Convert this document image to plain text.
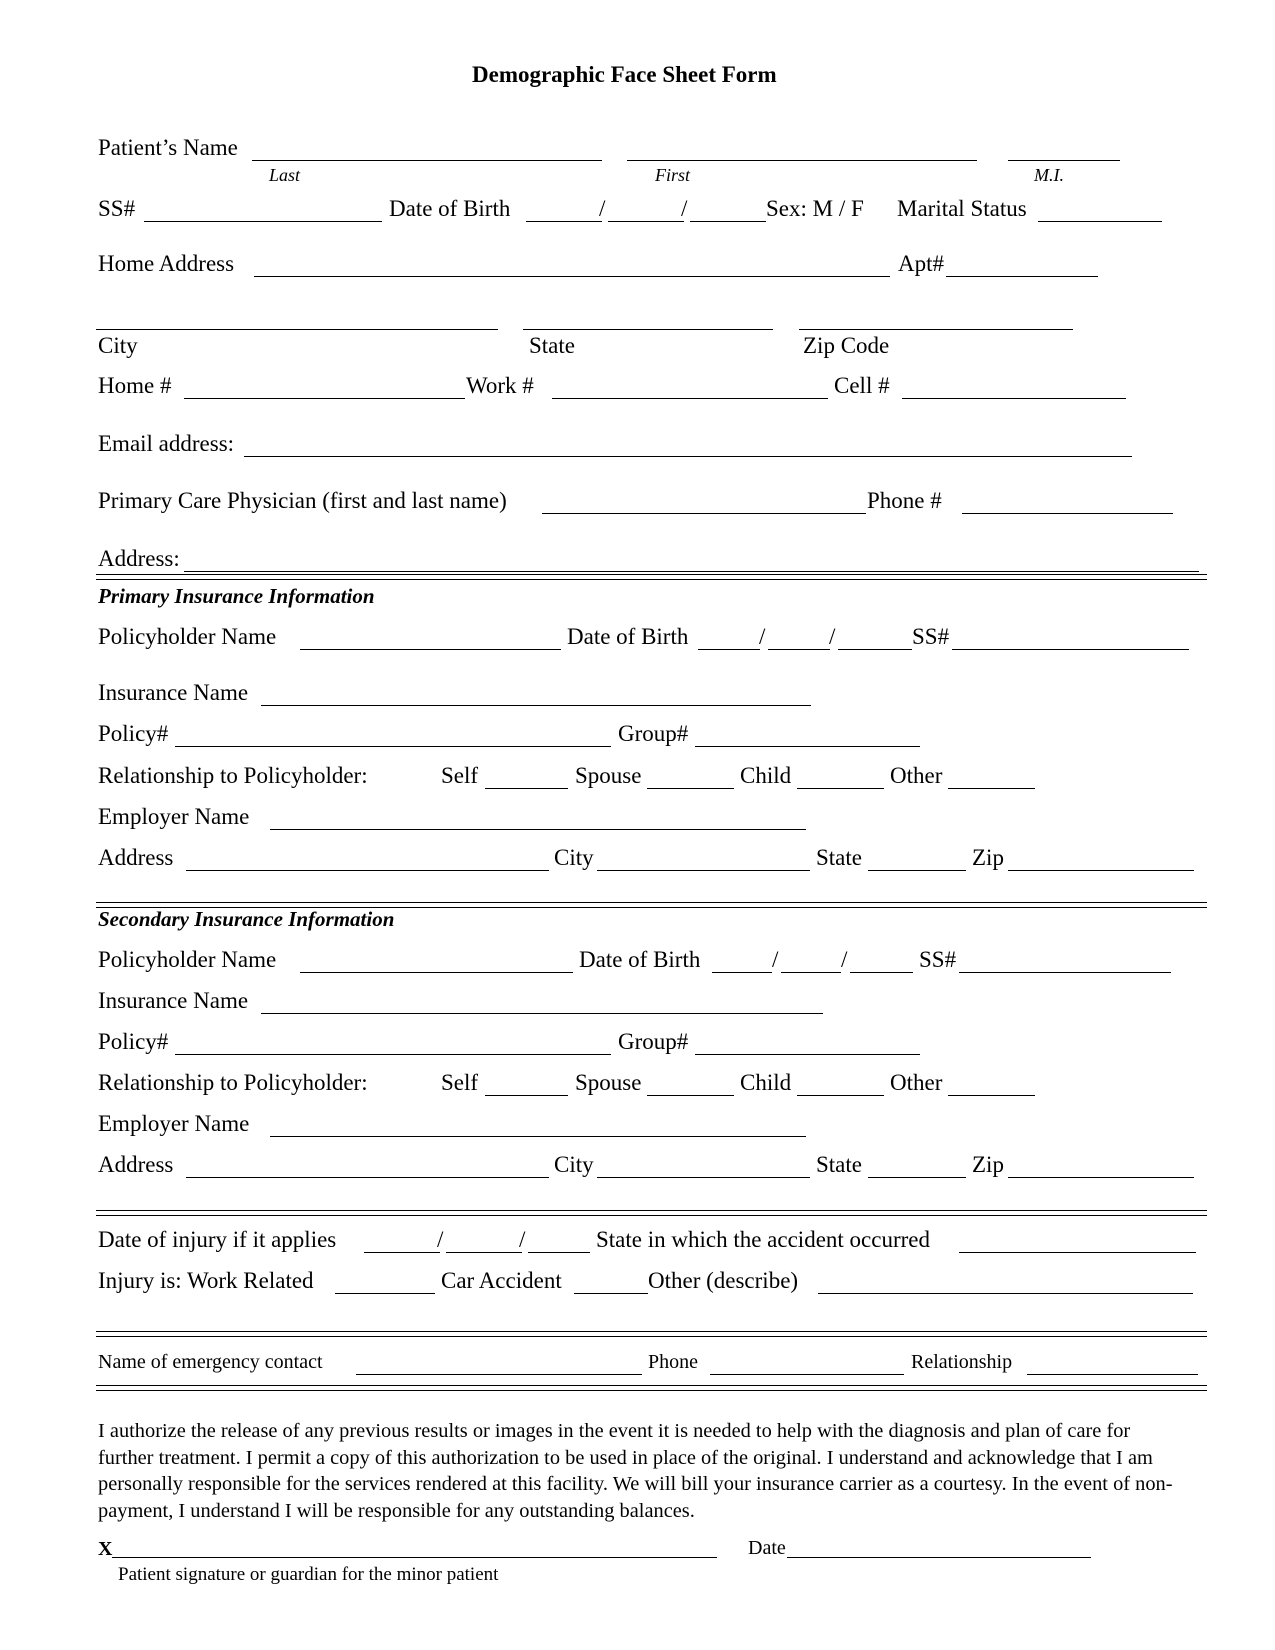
Demographic Face Sheet Form
Patient’s Name
Last	First	M.I.
SS#	Date of Birth	/	/	Sex: M / F Marital Status
Home Address	Apt#
City	State	Zip Code
Home #	Work #	Cell #
Email address:
Primary Care Physician (first and last name)	Phone #
Address:
Primary Insurance Information
Policyholder Name	Date of Birth	/	/	SS#
Insurance Name
Policy#	Group#
Relationship to Policyholder:	Self	Spouse	Child	Other
Employer Name
Address	City	State	Zip
Secondary Insurance Information
Policyholder Name	Date of Birth	/	/	SS#
Insurance Name
Policy#	Group#
Relationship to Policyholder:	Self	Spouse	Child	Other
Employer Name
Address	City	State	Zip
Date of injury if it applies	/	/	State in which the accident occurred
Injury is: Work Related	Car Accident	Other (describe)
Name of emergency contact	Phone	Relationship
I authorize the release of any previous results or images in the event it is needed to help with the diagnosis and plan of care for further treatment. I permit a copy of this authorization to be used in place of the original. I understand and acknowledge that I am personally responsible for the services rendered at this facility. We will bill your insurance carrier as a courtesy. In the event of non-payment, I understand I will be responsible for any outstanding balances.
X	Date
Patient signature or guardian for the minor patient
